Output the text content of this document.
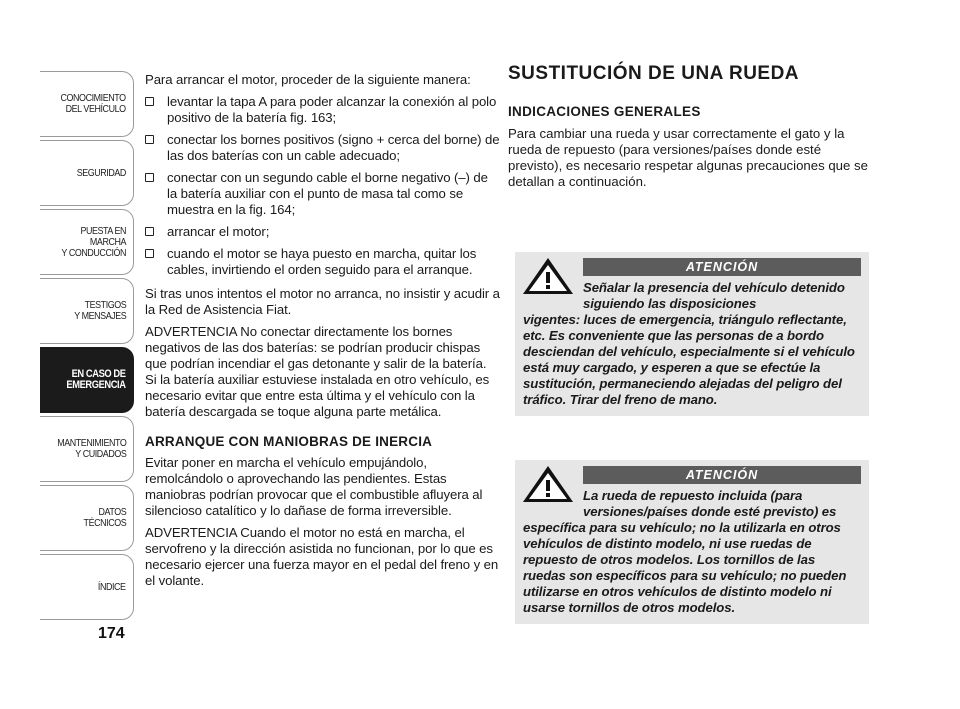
CONOCIMIENTO
DEL VEHÍCULO
SEGURIDAD
PUESTA EN
MARCHA
Y CONDUCCIÓN
TESTIGOS
Y MENSAJES
EN CASO DE
EMERGENCIA
MANTENIMIENTO
Y CUIDADOS
DATOS
TÉCNICOS
ÍNDICE
174

Para arrancar el motor, proceder de la siguiente manera:

levantar la tapa A para poder alcanzar la conexión al polo positivo de la batería fig. 163;
conectar los bornes positivos (signo + cerca del borne) de las dos baterías con un cable adecuado;
conectar con un segundo cable el borne negativo (–) de la batería auxiliar con el punto de masa tal como se muestra en la fig. 164;
arrancar el motor;
cuando el motor se haya puesto en marcha, quitar los cables, invirtiendo el orden seguido para el arranque.

Si tras unos intentos el motor no arranca, no insistir y acudir a la Red de Asistencia Fiat.

ADVERTENCIA No conectar directamente los bornes negativos de las dos baterías: se podrían producir chispas que podrían incendiar el gas detonante y salir de la batería. Si la batería auxiliar estuviese instalada en otro vehículo, es necesario evitar que entre esta última y el vehículo con la batería descargada se toque alguna parte metálica.

ARRANQUE CON MANIOBRAS DE INERCIA

Evitar poner en marcha el vehículo empujándolo, remolcándolo o aprovechando las pendientes. Estas maniobras podrían provocar que el combustible afluyera al silencioso catalítico y lo dañase de forma irreversible.

ADVERTENCIA Cuando el motor no está en marcha, el servofreno y la dirección asistida no funcionan, por lo que es necesario ejercer una fuerza mayor en el pedal del freno y en el volante.

SUSTITUCIÓN DE UNA RUEDA
INDICACIONES GENERALES

Para cambiar una rueda y usar correctamente el gato y la rueda de repuesto (para versiones/países donde esté previsto), es necesario respetar algunas precauciones que se detallan a continuación.

ATENCIÓN
Señalar la presencia del vehículo detenido siguiendo las disposiciones
vigentes: luces de emergencia, triángulo reflectante, etc. Es conveniente que las personas de a bordo desciendan del vehículo, especialmente si el vehículo está muy cargado, y esperen a que se efectúe la sustitución, permaneciendo alejadas del peligro del tráfico. Tirar del freno de mano.
ATENCIÓN
La rueda de repuesto incluida (para versiones/países donde esté previsto) es
específica para su vehículo; no la utilizarla en otros vehículos de distinto modelo, ni use ruedas de repuesto de otros modelos. Los tornillos de las ruedas son específicos para su vehículo; no pueden utilizarse en otros vehículos de distinto modelo ni usarse tornillos de otros modelos.
